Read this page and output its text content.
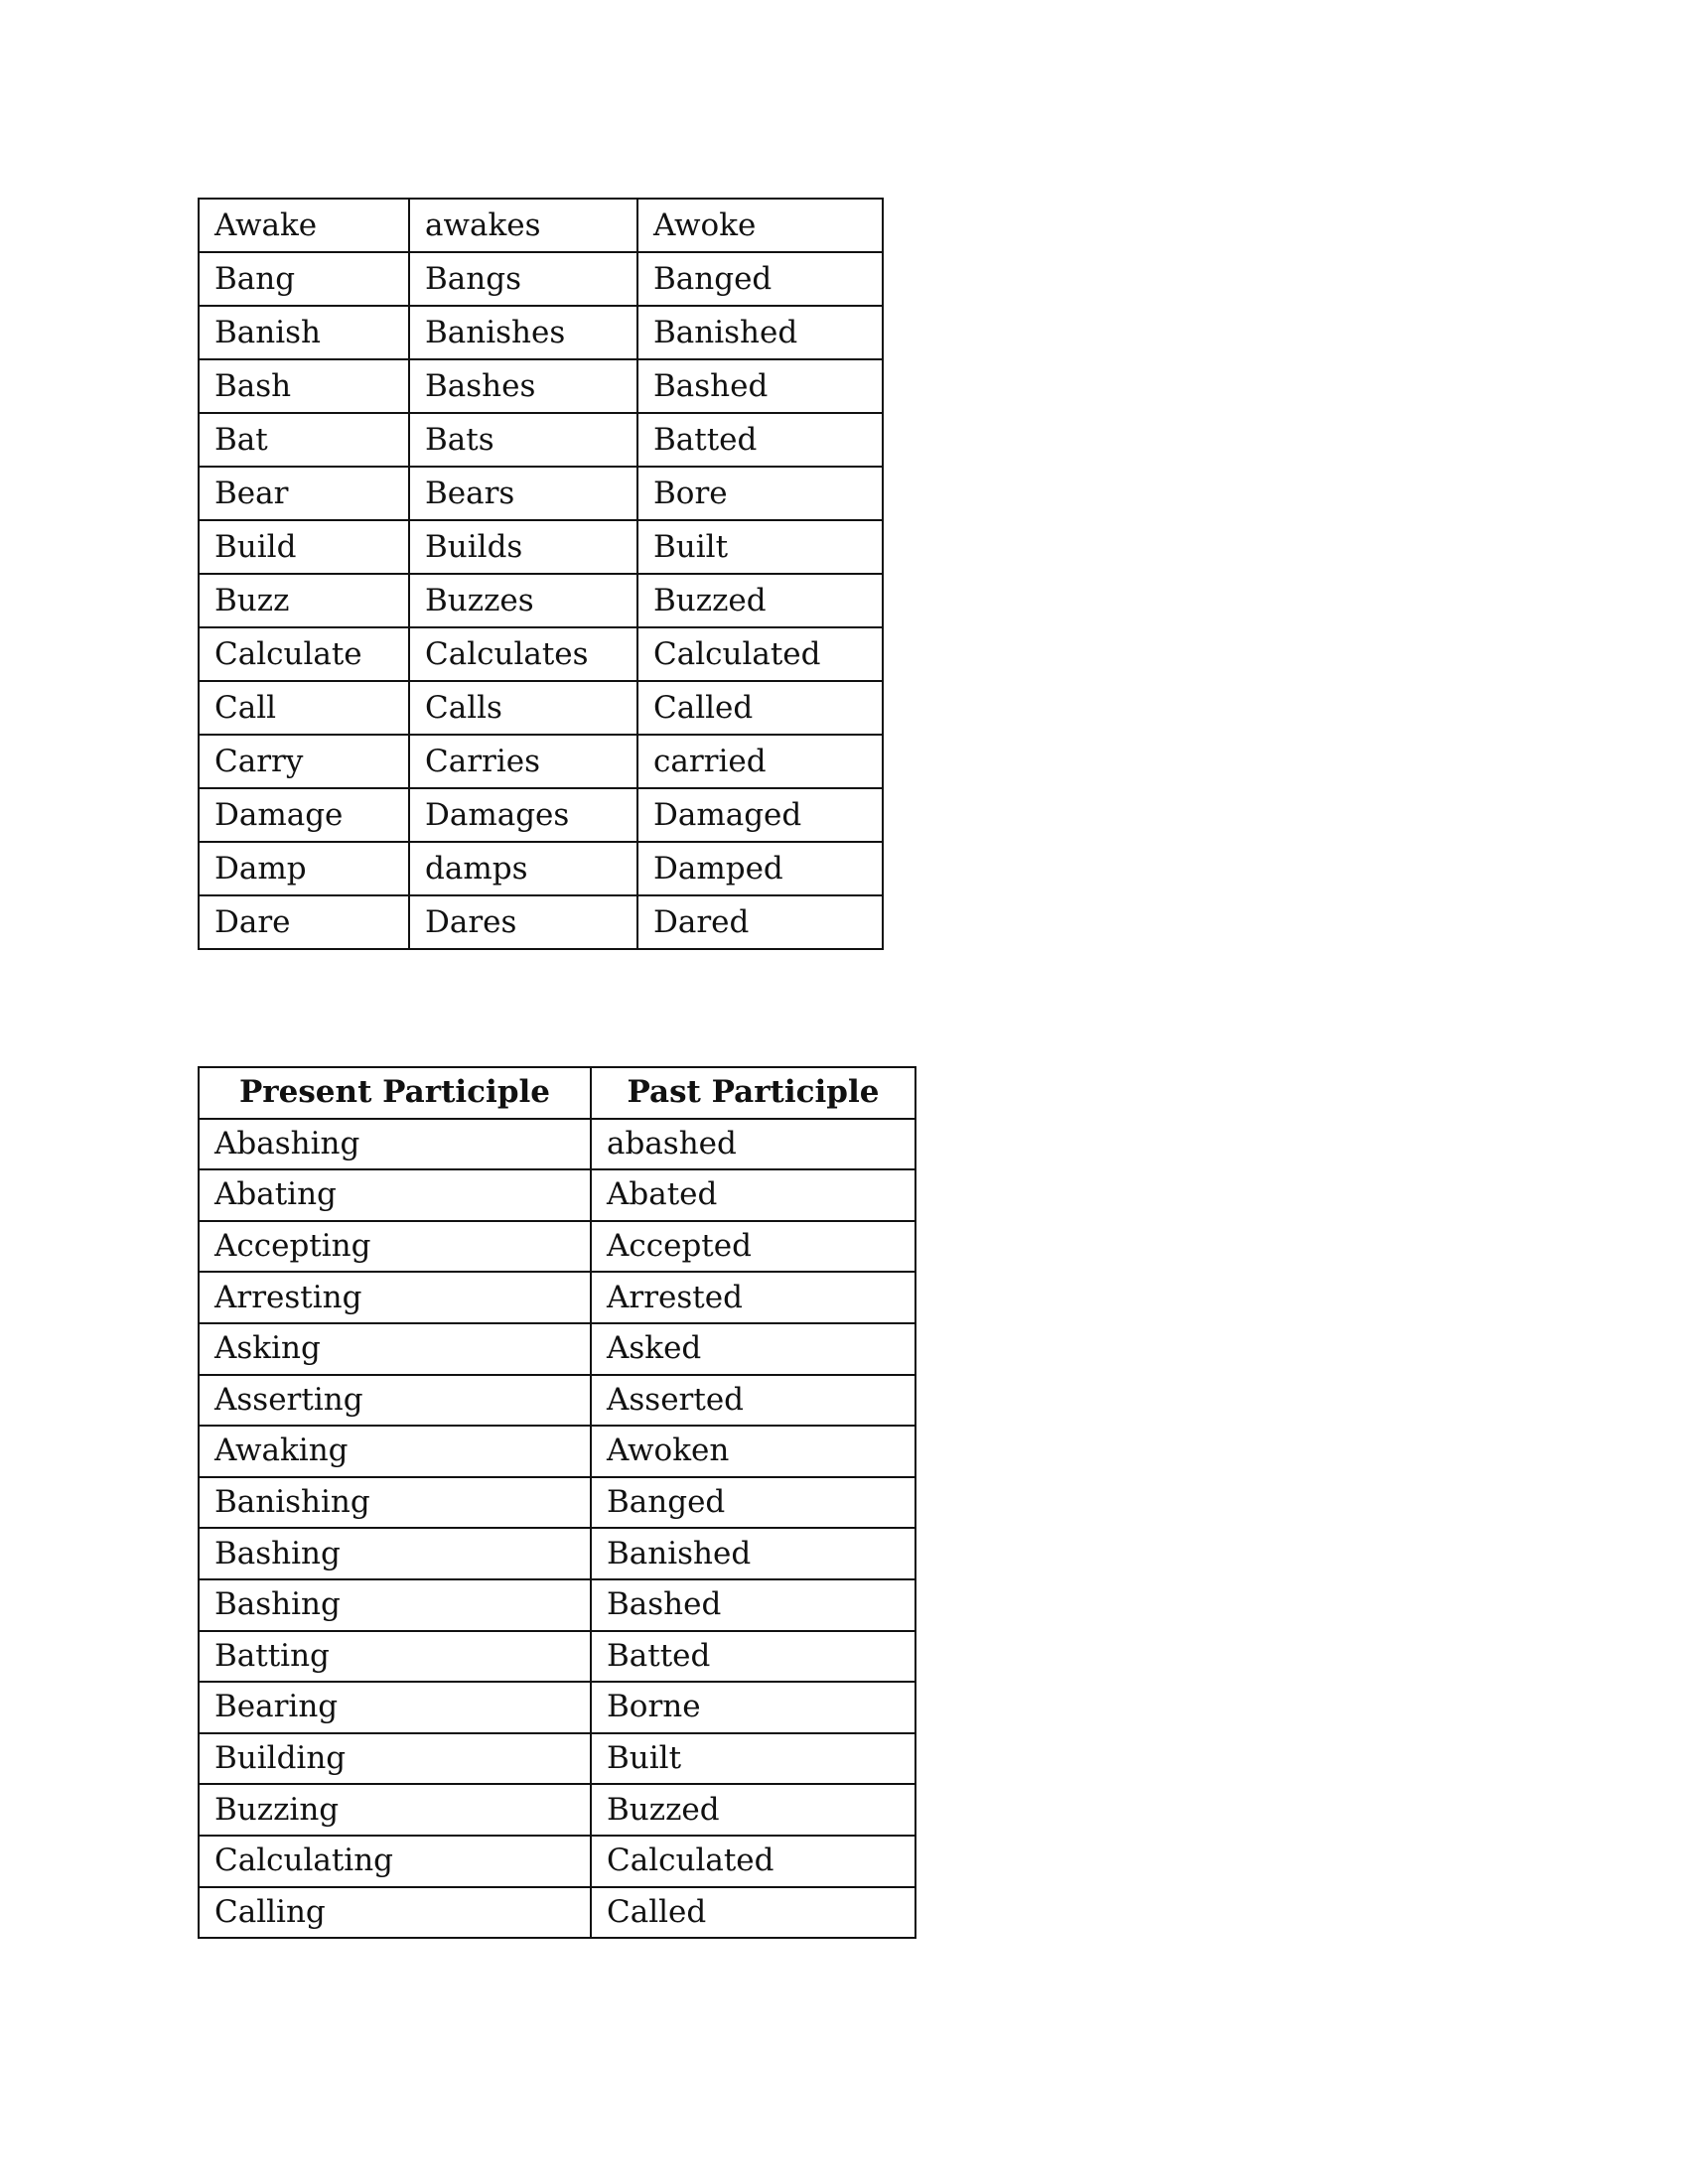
Awake	awakes	Awoke
Bang	Bangs	Banged
Banish	Banishes	Banished
Bash	Bashes	Bashed
Bat	Bats	Batted
Bear	Bears	Bore
Build	Builds	Built
Buzz	Buzzes	Buzzed
Calculate	Calculates	Calculated
Call	Calls	Called
Carry	Carries	carried
Damage	Damages	Damaged
Damp	damps	Damped
Dare	Dares	Dared
Present Participle	Past Participle
Abashing	abashed
Abating	Abated
Accepting	Accepted
Arresting	Arrested
Asking	Asked
Asserting	Asserted
Awaking	Awoken
Banishing	Banged
Bashing	Banished
Bashing	Bashed
Batting	Batted
Bearing	Borne
Building	Built
Buzzing	Buzzed
Calculating	Calculated
Calling	Called
